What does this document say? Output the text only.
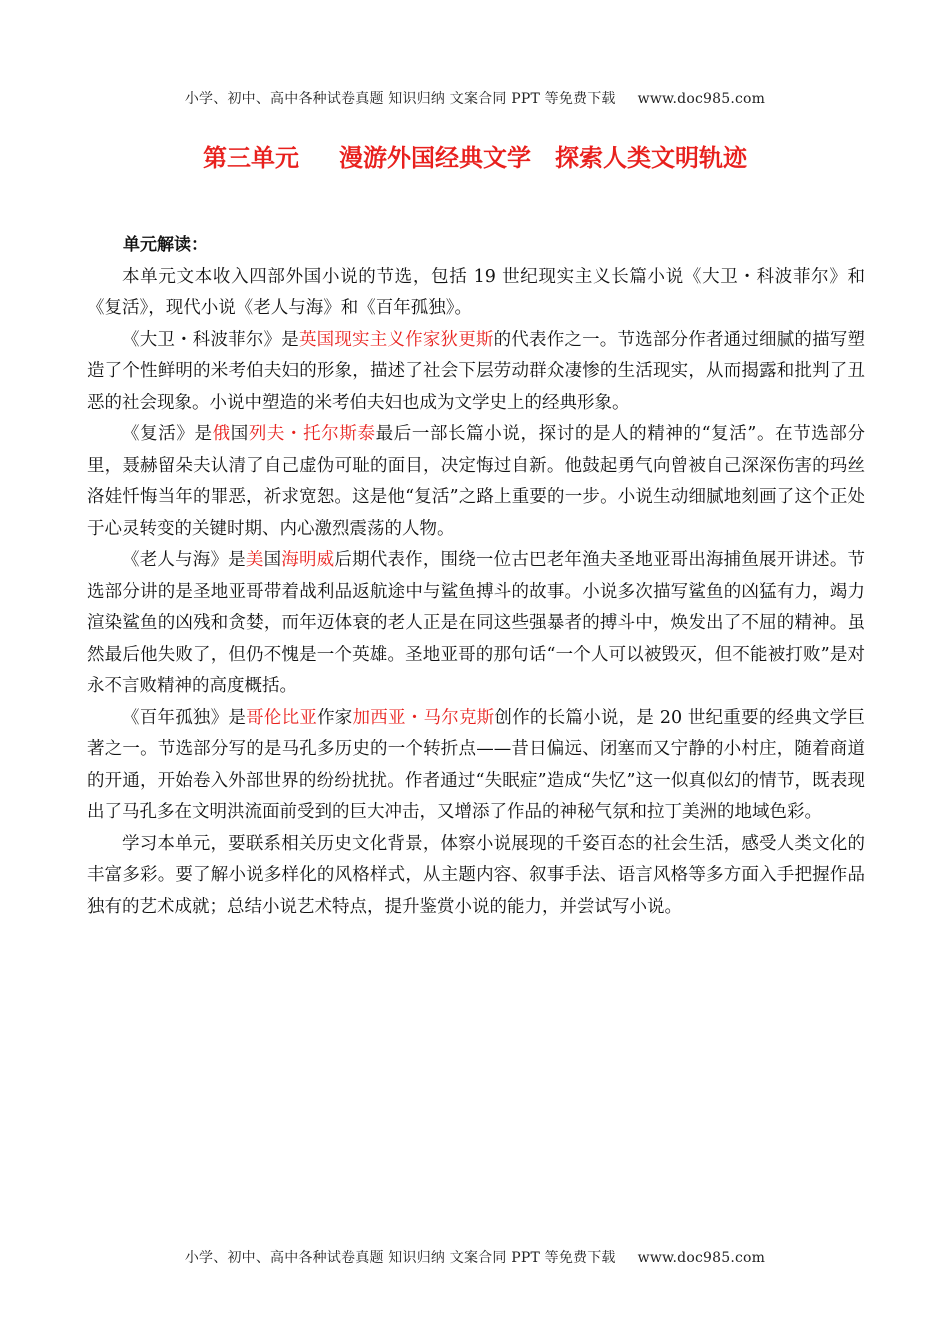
小学、初中、高中各种试卷真题 知识归纳 文案合同 PPT 等免费下载 www.doc985.com
第三单元 漫游外国经典文学 探索人类文明轨迹
单元解读：

本单元文本收入四部外国小说的节选，包括 19 世纪现实主义长篇小说《大卫・科波菲尔》和《复活》，现代小说《老人与海》和《百年孤独》。

《大卫・科波菲尔》是英国现实主义作家狄更斯的代表作之一。节选部分作者通过细腻的描写塑造了个性鲜明的米考伯夫妇的形象，描述了社会下层劳动群众凄惨的生活现实，从而揭露和批判了丑恶的社会现象。小说中塑造的米考伯夫妇也成为文学史上的经典形象。

《复活》是俄国列夫・托尔斯泰最后一部长篇小说，探讨的是人的精神的“复活”。在节选部分里，聂赫留朵夫认清了自己虚伪可耻的面目，决定悔过自新。他鼓起勇气向曾被自己深深伤害的玛丝洛娃忏悔当年的罪恶，祈求宽恕。这是他“复活”之路上重要的一步。小说生动细腻地刻画了这个正处于心灵转变的关键时期、内心激烈震荡的人物。

《老人与海》是美国海明威后期代表作，围绕一位古巴老年渔夫圣地亚哥出海捕鱼展开讲述。节选部分讲的是圣地亚哥带着战利品返航途中与鲨鱼搏斗的故事。小说多次描写鲨鱼的凶猛有力，竭力渲染鲨鱼的凶残和贪婪，而年迈体衰的老人正是在同这些强暴者的搏斗中，焕发出了不屈的精神。虽然最后他失败了，但仍不愧是一个英雄。圣地亚哥的那句话“一个人可以被毁灭，但不能被打败”是对永不言败精神的高度概括。

《百年孤独》是哥伦比亚作家加西亚・马尔克斯创作的长篇小说，是 20 世纪重要的经典文学巨著之一。节选部分写的是马孔多历史的一个转折点——昔日偏远、闭塞而又宁静的小村庄，随着商道的开通，开始卷入外部世界的纷纷扰扰。作者通过“失眠症”造成“失忆”这一似真似幻的情节，既表现出了马孔多在文明洪流面前受到的巨大冲击，又增添了作品的神秘气氛和拉丁美洲的地域色彩。

学习本单元，要联系相关历史文化背景，体察小说展现的千姿百态的社会生活，感受人类文化的丰富多彩。要了解小说多样化的风格样式，从主题内容、叙事手法、语言风格等多方面入手把握作品独有的艺术成就；总结小说艺术特点，提升鉴赏小说的能力，并尝试写小说。

小学、初中、高中各种试卷真题 知识归纳 文案合同 PPT 等免费下载 www.doc985.com
